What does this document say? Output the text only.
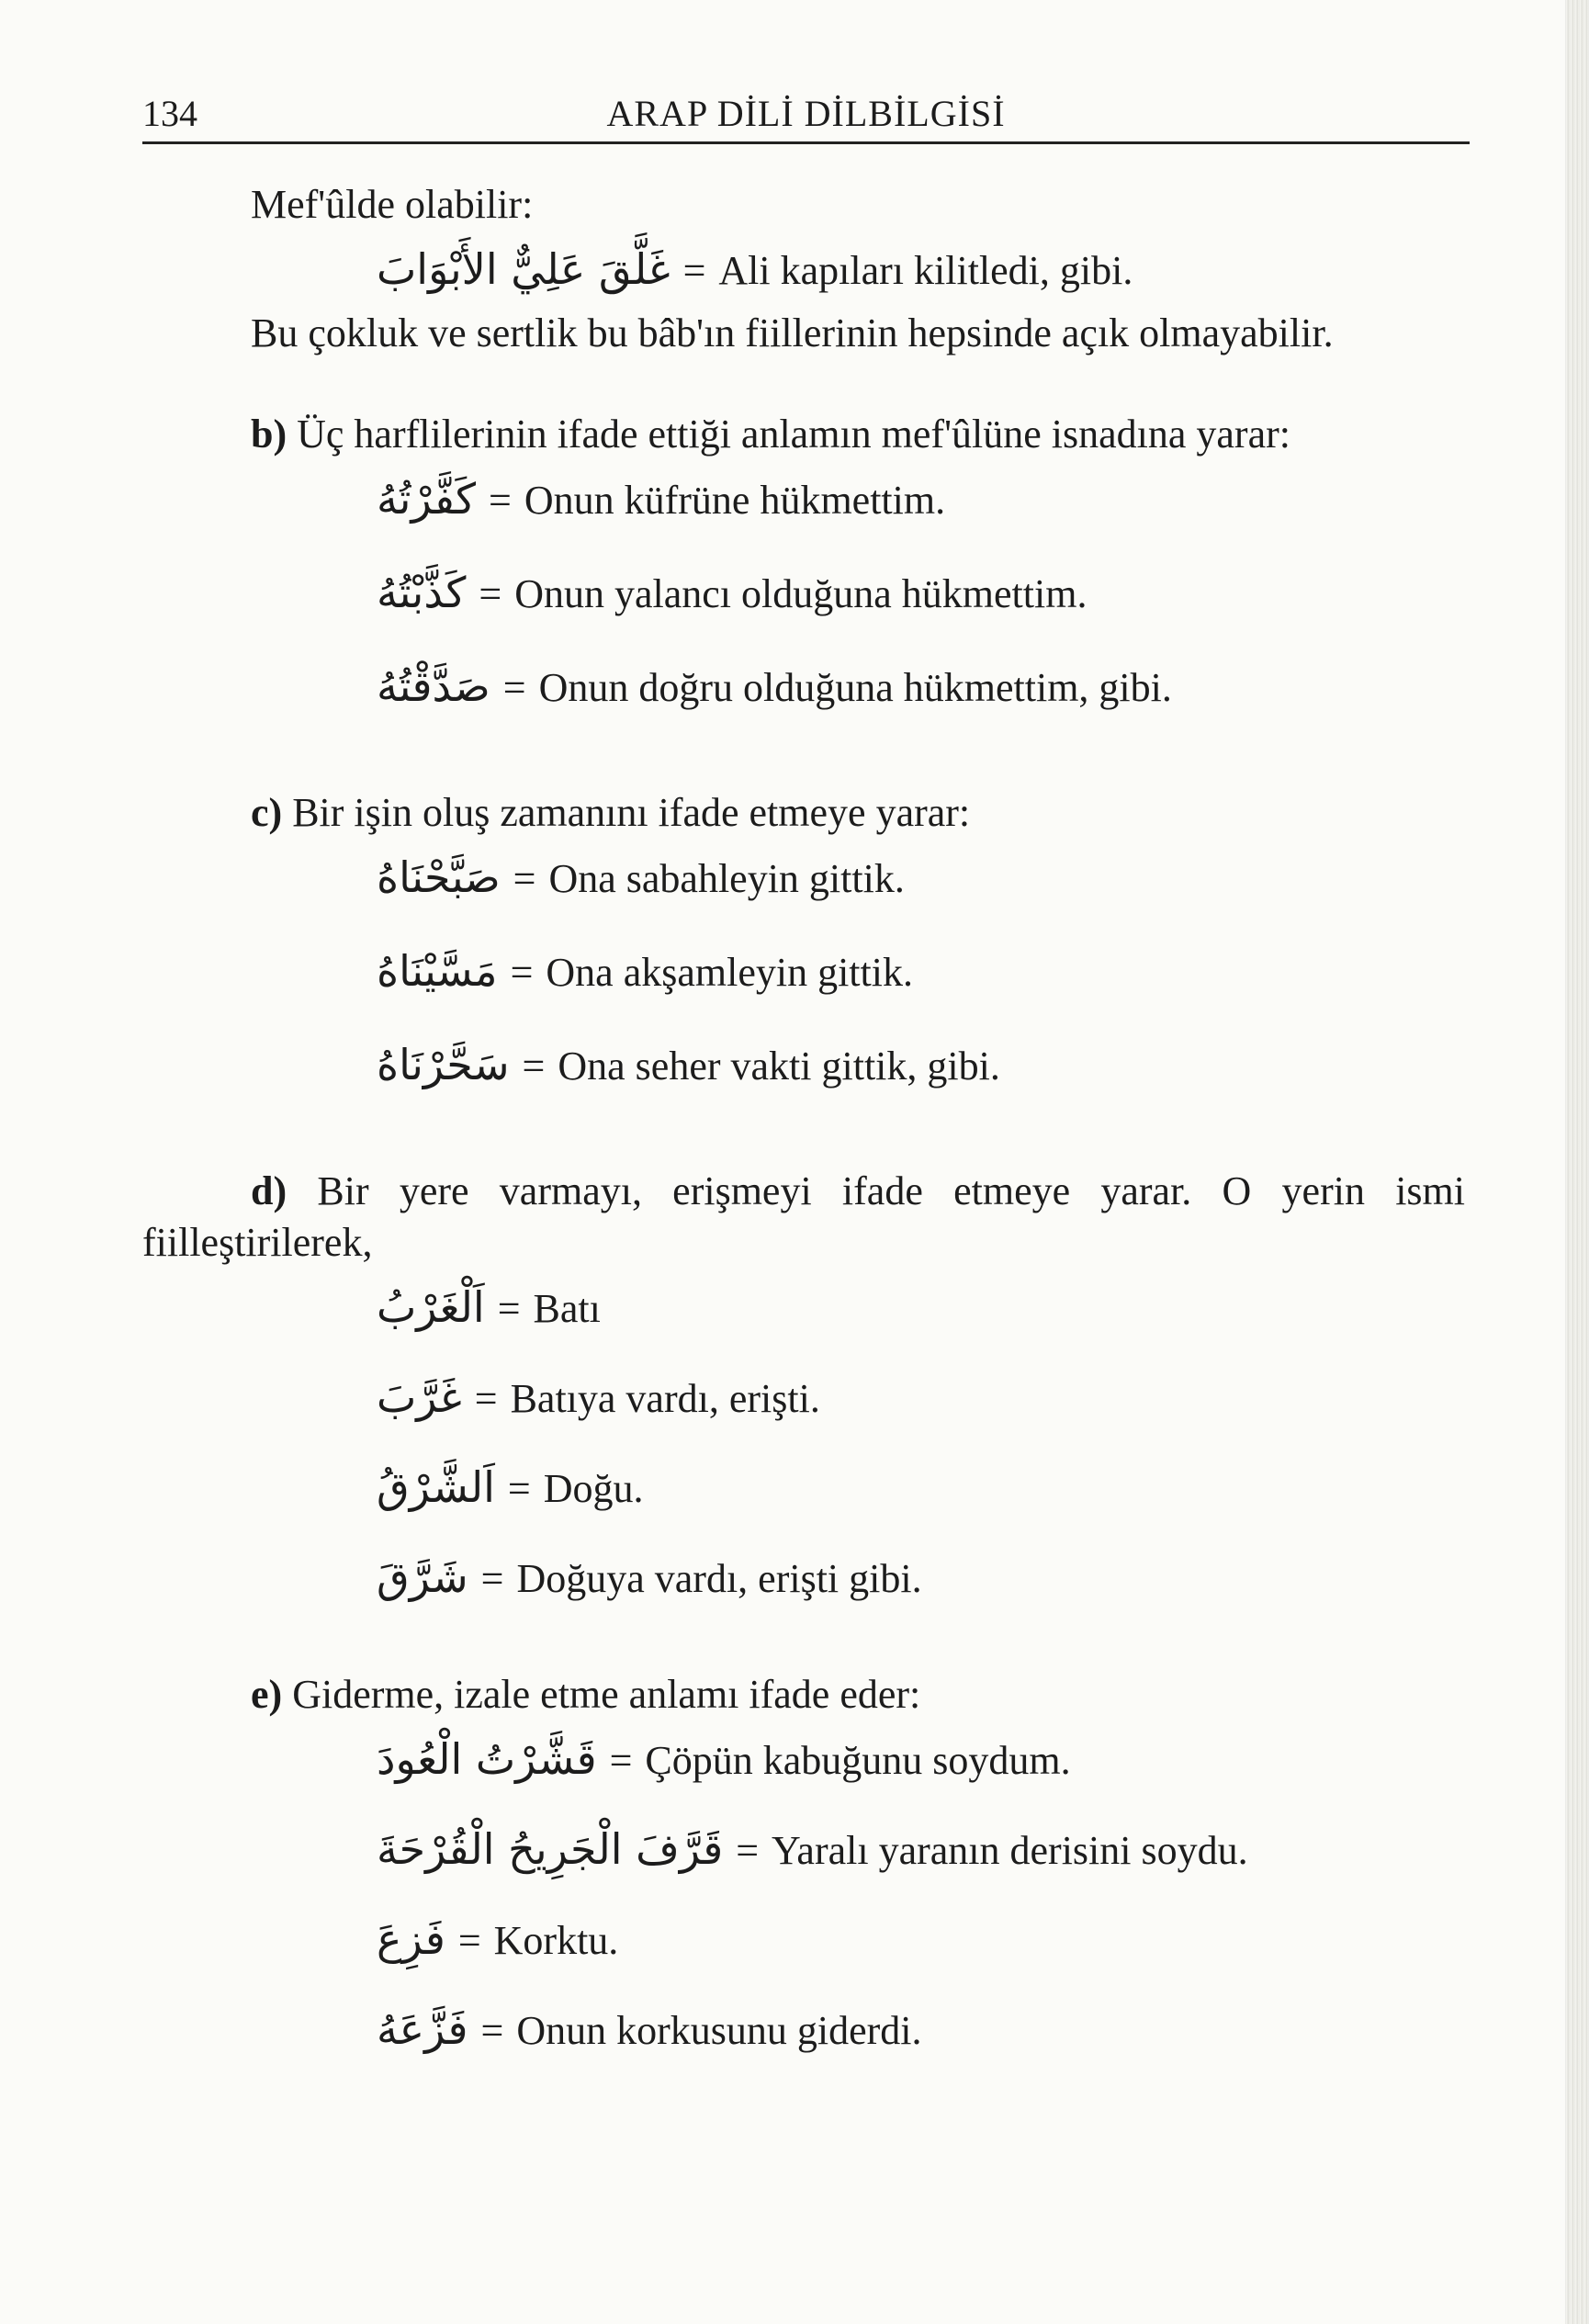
134	ARAP DİLİ DİLBİLGİSİ

Mef'ûlde olabilir:

غَلَّقَ عَلِيٌّ الأَبْوَابَ = Ali kapıları kilitledi, gibi.

Bu çokluk ve sertlik bu bâb'ın fiillerinin hepsinde açık olmayabilir.

b) Üç harflilerinin ifade ettiği anlamın mef'ûlüne isnadına yarar:

كَفَّرْتُهُ = Onun küfrüne hükmettim.
كَذَّبْتُهُ = Onun yalancı olduğuna hükmettim.
صَدَّقْتُهُ = Onun doğru olduğuna hükmettim, gibi.

c) Bir işin oluş zamanını ifade etmeye yarar:

صَبَّحْنَاهُ = Ona sabahleyin gittik.
مَسَّيْنَاهُ = Ona akşamleyin gittik.
سَحَّرْنَاهُ = Ona seher vakti gittik, gibi.

d) Bir yere varmayı, erişmeyi ifade etmeye yarar. O yerin ismi fiilleştirilerek,

اَلْغَرْبُ = Batı
غَرَّبَ = Batıya vardı, erişti.
اَلشَّرْقُ = Doğu.
شَرَّقَ = Doğuya vardı, erişti gibi.

e) Giderme, izale etme anlamı ifade eder:

قَشَّرْتُ الْعُودَ = Çöpün kabuğunu soydum.
قَرَّفَ الْجَرِيحُ الْقُرْحَةَ = Yaralı yaranın derisini soydu.
فَزِعَ = Korktu.
فَزَّعَهُ = Onun korkusunu giderdi.
